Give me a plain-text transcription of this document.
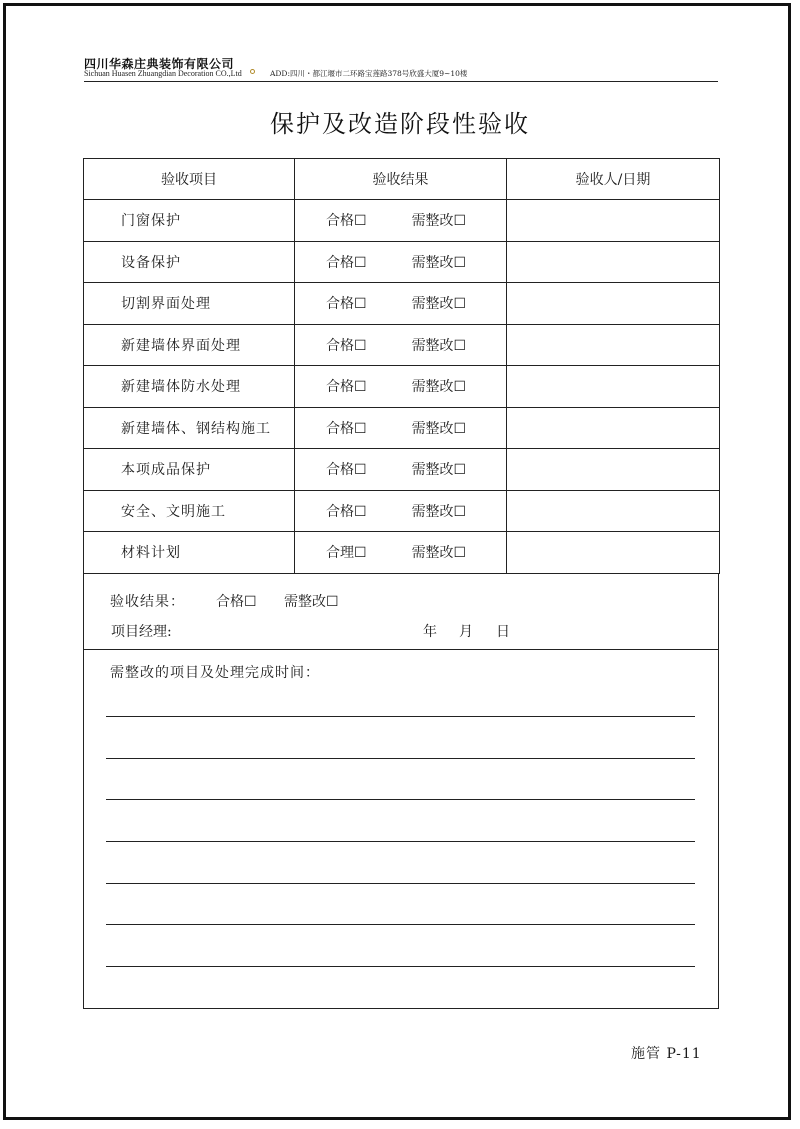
四川华森庄典装饰有限公司
Sichuan Huasen Zhuangdian Decoration CO.,Ltd	ADD:四川・都江堰市二环路宝莲路378号欣盛大厦9~10楼
保护及改造阶段性验收
验收项目	验收结果	验收人/日期
门窗保护	合格☐ 需整改☐	
设备保护	合格☐ 需整改☐	
切割界面处理	合格☐ 需整改☐	
新建墙体界面处理	合格☐ 需整改☐	
新建墙体防水处理	合格☐ 需整改☐	
新建墙体、钢结构施工	合格☐ 需整改☐	
本项成品保护	合格☐ 需整改☐	
安全、文明施工	合格☐ 需整改☐	
材料计划	合理☐ 需整改☐	
验收结果： 合格☐ 需整改☐
项目经理:	年 月 日
需整改的项目及处理完成时间：
施管 P-11
